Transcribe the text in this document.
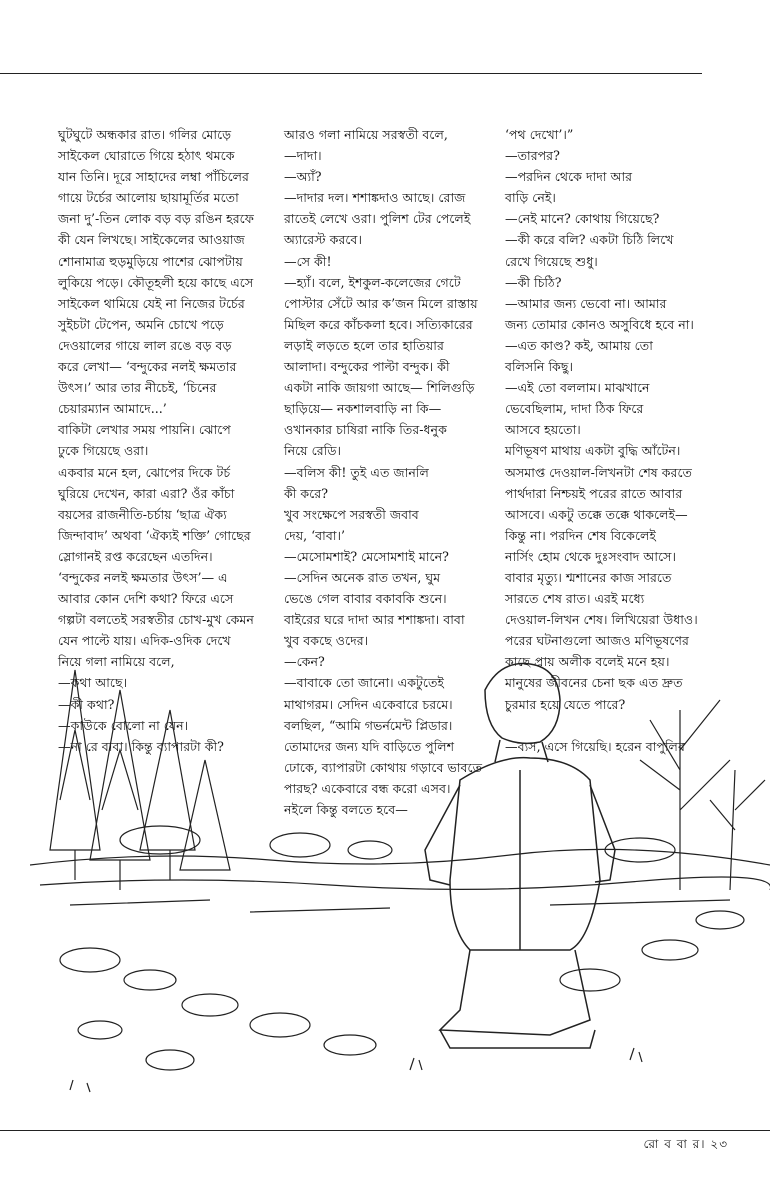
ঘুটঘুটে অন্ধকার রাত। গলির মোড়ে

সাইকেল ঘোরাতে গিয়ে হঠাৎ থমকে

যান তিনি। দূরে সাহাদের লম্বা পাঁচিলের

গায়ে টর্চের আলোয় ছায়ামূর্তির মতো

জনা দু’-তিন লোক বড় বড় রঙিন হরফে

কী যেন লিখছে। সাইকেলের আওয়াজ

শোনামাত্র হুড়মুড়িয়ে পাশের ঝোপটায়

লুকিয়ে পড়ে। কৌতূহলী হয়ে কাছে এসে

সাইকেল থামিয়ে যেই না নিজের টর্চের

সুইচটা টেপেন, অমনি চোখে পড়ে

দেওয়ালের গায়ে লাল রঙে বড় বড়

করে লেখা— ‘বন্দুকের নলই ক্ষমতার

উৎস।’ আর তার নীচেই, ‘চিনের

চেয়ারম্যান আমাদে...’

বাকিটা লেখার সময় পায়নি। ঝোপে

ঢুকে গিয়েছে ওরা।

একবার মনে হল, ঝোপের দিকে টর্চ

ঘুরিয়ে দেখেন, কারা এরা? ওঁর কাঁচা

বয়সের রাজনীতি-চর্চায় ‘ছাত্র ঐক্য

জিন্দাবাদ’ অথবা ‘ঐক্যই শক্তি’ গোছের

স্লোগানই রপ্ত করেছেন এতদিন।

‘বন্দুকের নলই ক্ষমতার উৎস’— এ

আবার কোন দেশি কথা? ফিরে এসে

গল্পটা বলতেই সরস্বতীর চোখ-মুখ কেমন

যেন পাল্টে যায়। এদিক-ওদিক দেখে

নিয়ে গলা নামিয়ে বলে,

—কথা আছে।

—কী কথা?

—কাউকে বোলো না যেন।

—না রে বাবা। কিন্তু ব্যাপারটা কী?

আরও গলা নামিয়ে সরস্বতী বলে,

—দাদা।

—অ্যাঁ?

—দাদার দল। শশাঙ্কদাও আছে। রোজ

রাতেই লেখে ওরা। পুলিশ টের পেলেই

অ্যারেস্ট করবে।

—সে কী!

—হ্যাঁ। বলে, ইশকুল-কলেজের গেটে

পোস্টার সেঁটে আর ক’জন মিলে রাস্তায়

মিছিল করে কাঁচকলা হবে। সত্যিকারের

লড়াই লড়তে হলে তার হাতিয়ার

আলাদা। বন্দুকের পাল্টা বন্দুক। কী

একটা নাকি জায়গা আছে— শিলিগুড়ি

ছাড়িয়ে— নকশালবাড়ি না কি—

ওখানকার চাষিরা নাকি তির-ধনুক

নিয়ে রেডি।

—বলিস কী! তুই এত জানলি

কী করে?

খুব সংক্ষেপে সরস্বতী জবাব

দেয়, ‘বাবা।’

—মেসোমশাই? মেসোমশাই মানে?

—সেদিন অনেক রাত তখন, ঘুম

ভেঙে গেল বাবার বকাবকি শুনে।

বাইরের ঘরে দাদা আর শশাঙ্কদা। বাবা

খুব বকছে ওদের।

—কেন?

—বাবাকে তো জানো। একটুতেই

মাথাগরম। সেদিন একেবারে চরমে।

বলছিল, “আমি গভর্নমেন্ট প্লিডার।

তোমাদের জন্য যদি বাড়িতে পুলিশ

ঢোকে, ব্যাপারটা কোথায় গড়াবে ভাবতে

পারছ? একেবারে বন্ধ করো এসব।

নইলে কিন্তু বলতে হবে—

‘পথ দেখো’।”

—তারপর?

—পরদিন থেকে দাদা আর

বাড়ি নেই।

—নেই মানে? কোথায় গিয়েছে?

—কী করে বলি? একটা চিঠি লিখে

রেখে গিয়েছে শুধু।

—কী চিঠি?

—আমার জন্য ভেবো না। আমার

জন্য তোমার কোনও অসুবিধে হবে না।

—এত কাণ্ড? কই, আমায় তো

বলিসনি কিছু।

—এই তো বললাম। মাঝখানে

ভেবেছিলাম, দাদা ঠিক ফিরে

আসবে হয়তো।

মণিভূষণ মাথায় একটা বুদ্ধি আঁটেন।

অসমাপ্ত দেওয়াল-লিখনটা শেষ করতে

পার্থদারা নিশ্চয়ই পরের রাতে আবার

আসবে। একটু তক্কে তক্কে থাকলেই—

কিন্তু না। পরদিন শেষ বিকেলেই

নার্সিং হোম থেকে দুঃসংবাদ আসে।

বাবার মৃত্যু। শ্মশানের কাজ সারতে

সারতে শেষ রাত। এরই মধ্যে

দেওয়াল-লিখন শেষ। লিখিয়েরা উধাও।

পরের ঘটনাগুলো আজও মণিভূষণের

কাছে প্রায় অলীক বলেই মনে হয়।

মানুষের জীবনের চেনা ছক এত দ্রুত

চুরমার হয়ে যেতে পারে?

—ব্যস, এসে গিয়েছি। হরেন বাপুলির

রো ব বা র। ২৩
